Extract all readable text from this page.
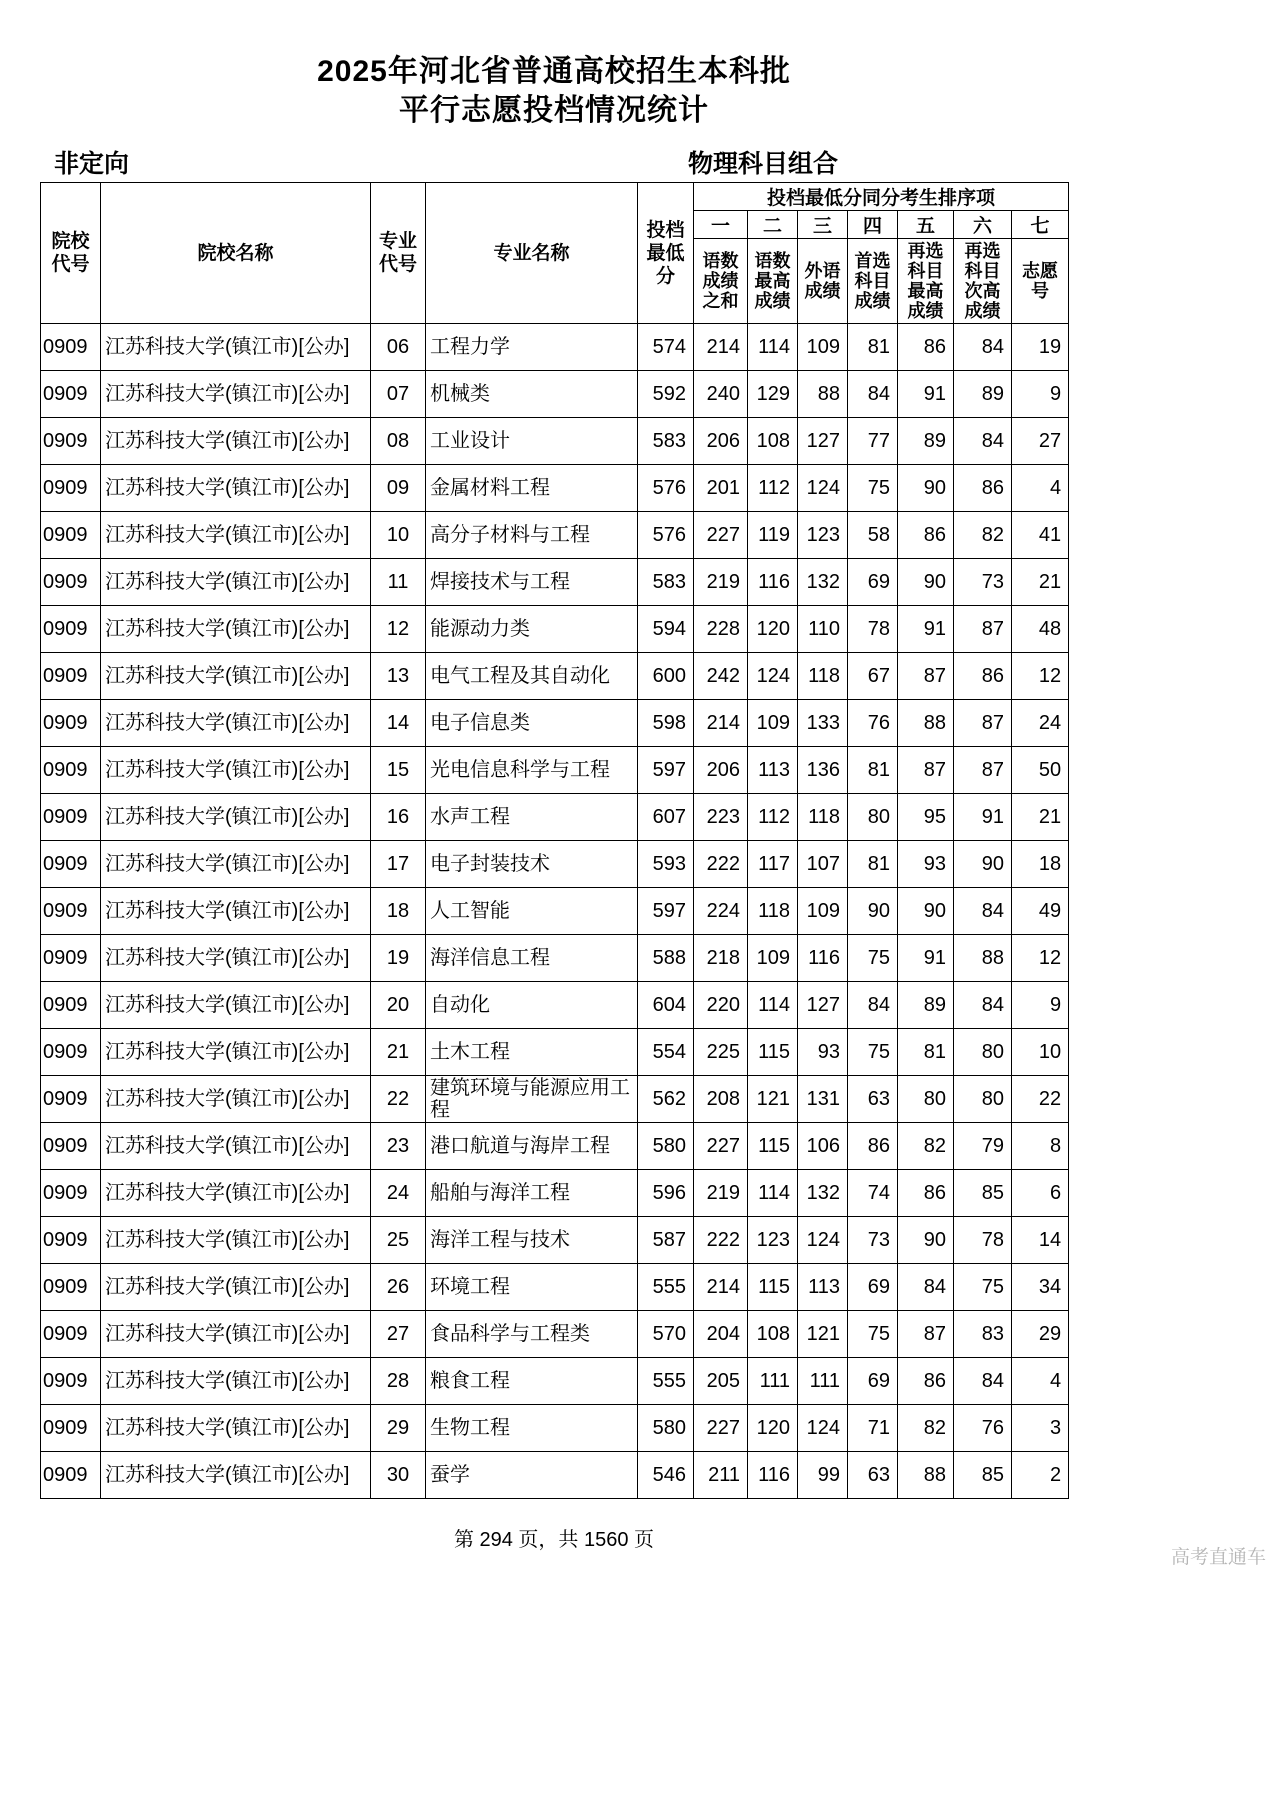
2025年河北省普通高校招生本科批
平行志愿投档情况统计
非定向	物理科目组合
院校代号	院校名称	专业代号	专业名称	投档最低分	投档最低分同分考生排序项						
					一	二	三	四	五	六	七
					语数成绩之和	语数最高成绩	外语成绩	首选科目成绩	再选科目最高成绩	再选科目次高成绩	志愿号
0909	江苏科技大学(镇江市)[公办]	06	工程力学	574	214	114	109	81	86	84	19
0909	江苏科技大学(镇江市)[公办]	07	机械类	592	240	129	88	84	91	89	9
0909	江苏科技大学(镇江市)[公办]	08	工业设计	583	206	108	127	77	89	84	27
0909	江苏科技大学(镇江市)[公办]	09	金属材料工程	576	201	112	124	75	90	86	4
0909	江苏科技大学(镇江市)[公办]	10	高分子材料与工程	576	227	119	123	58	86	82	41
0909	江苏科技大学(镇江市)[公办]	11	焊接技术与工程	583	219	116	132	69	90	73	21
0909	江苏科技大学(镇江市)[公办]	12	能源动力类	594	228	120	110	78	91	87	48
0909	江苏科技大学(镇江市)[公办]	13	电气工程及其自动化	600	242	124	118	67	87	86	12
0909	江苏科技大学(镇江市)[公办]	14	电子信息类	598	214	109	133	76	88	87	24
0909	江苏科技大学(镇江市)[公办]	15	光电信息科学与工程	597	206	113	136	81	87	87	50
0909	江苏科技大学(镇江市)[公办]	16	水声工程	607	223	112	118	80	95	91	21
0909	江苏科技大学(镇江市)[公办]	17	电子封装技术	593	222	117	107	81	93	90	18
0909	江苏科技大学(镇江市)[公办]	18	人工智能	597	224	118	109	90	90	84	49
0909	江苏科技大学(镇江市)[公办]	19	海洋信息工程	588	218	109	116	75	91	88	12
0909	江苏科技大学(镇江市)[公办]	20	自动化	604	220	114	127	84	89	84	9
0909	江苏科技大学(镇江市)[公办]	21	土木工程	554	225	115	93	75	81	80	10
0909	江苏科技大学(镇江市)[公办]	22	建筑环境与能源应用工程	562	208	121	131	63	80	80	22
0909	江苏科技大学(镇江市)[公办]	23	港口航道与海岸工程	580	227	115	106	86	82	79	8
0909	江苏科技大学(镇江市)[公办]	24	船舶与海洋工程	596	219	114	132	74	86	85	6
0909	江苏科技大学(镇江市)[公办]	25	海洋工程与技术	587	222	123	124	73	90	78	14
0909	江苏科技大学(镇江市)[公办]	26	环境工程	555	214	115	113	69	84	75	34
0909	江苏科技大学(镇江市)[公办]	27	食品科学与工程类	570	204	108	121	75	87	83	29
0909	江苏科技大学(镇江市)[公办]	28	粮食工程	555	205	111	111	69	86	84	4
0909	江苏科技大学(镇江市)[公办]	29	生物工程	580	227	120	124	71	82	76	3
0909	江苏科技大学(镇江市)[公办]	30	蚕学	546	211	116	99	63	88	85	2
第 294 页，共 1560 页
高考直通车
